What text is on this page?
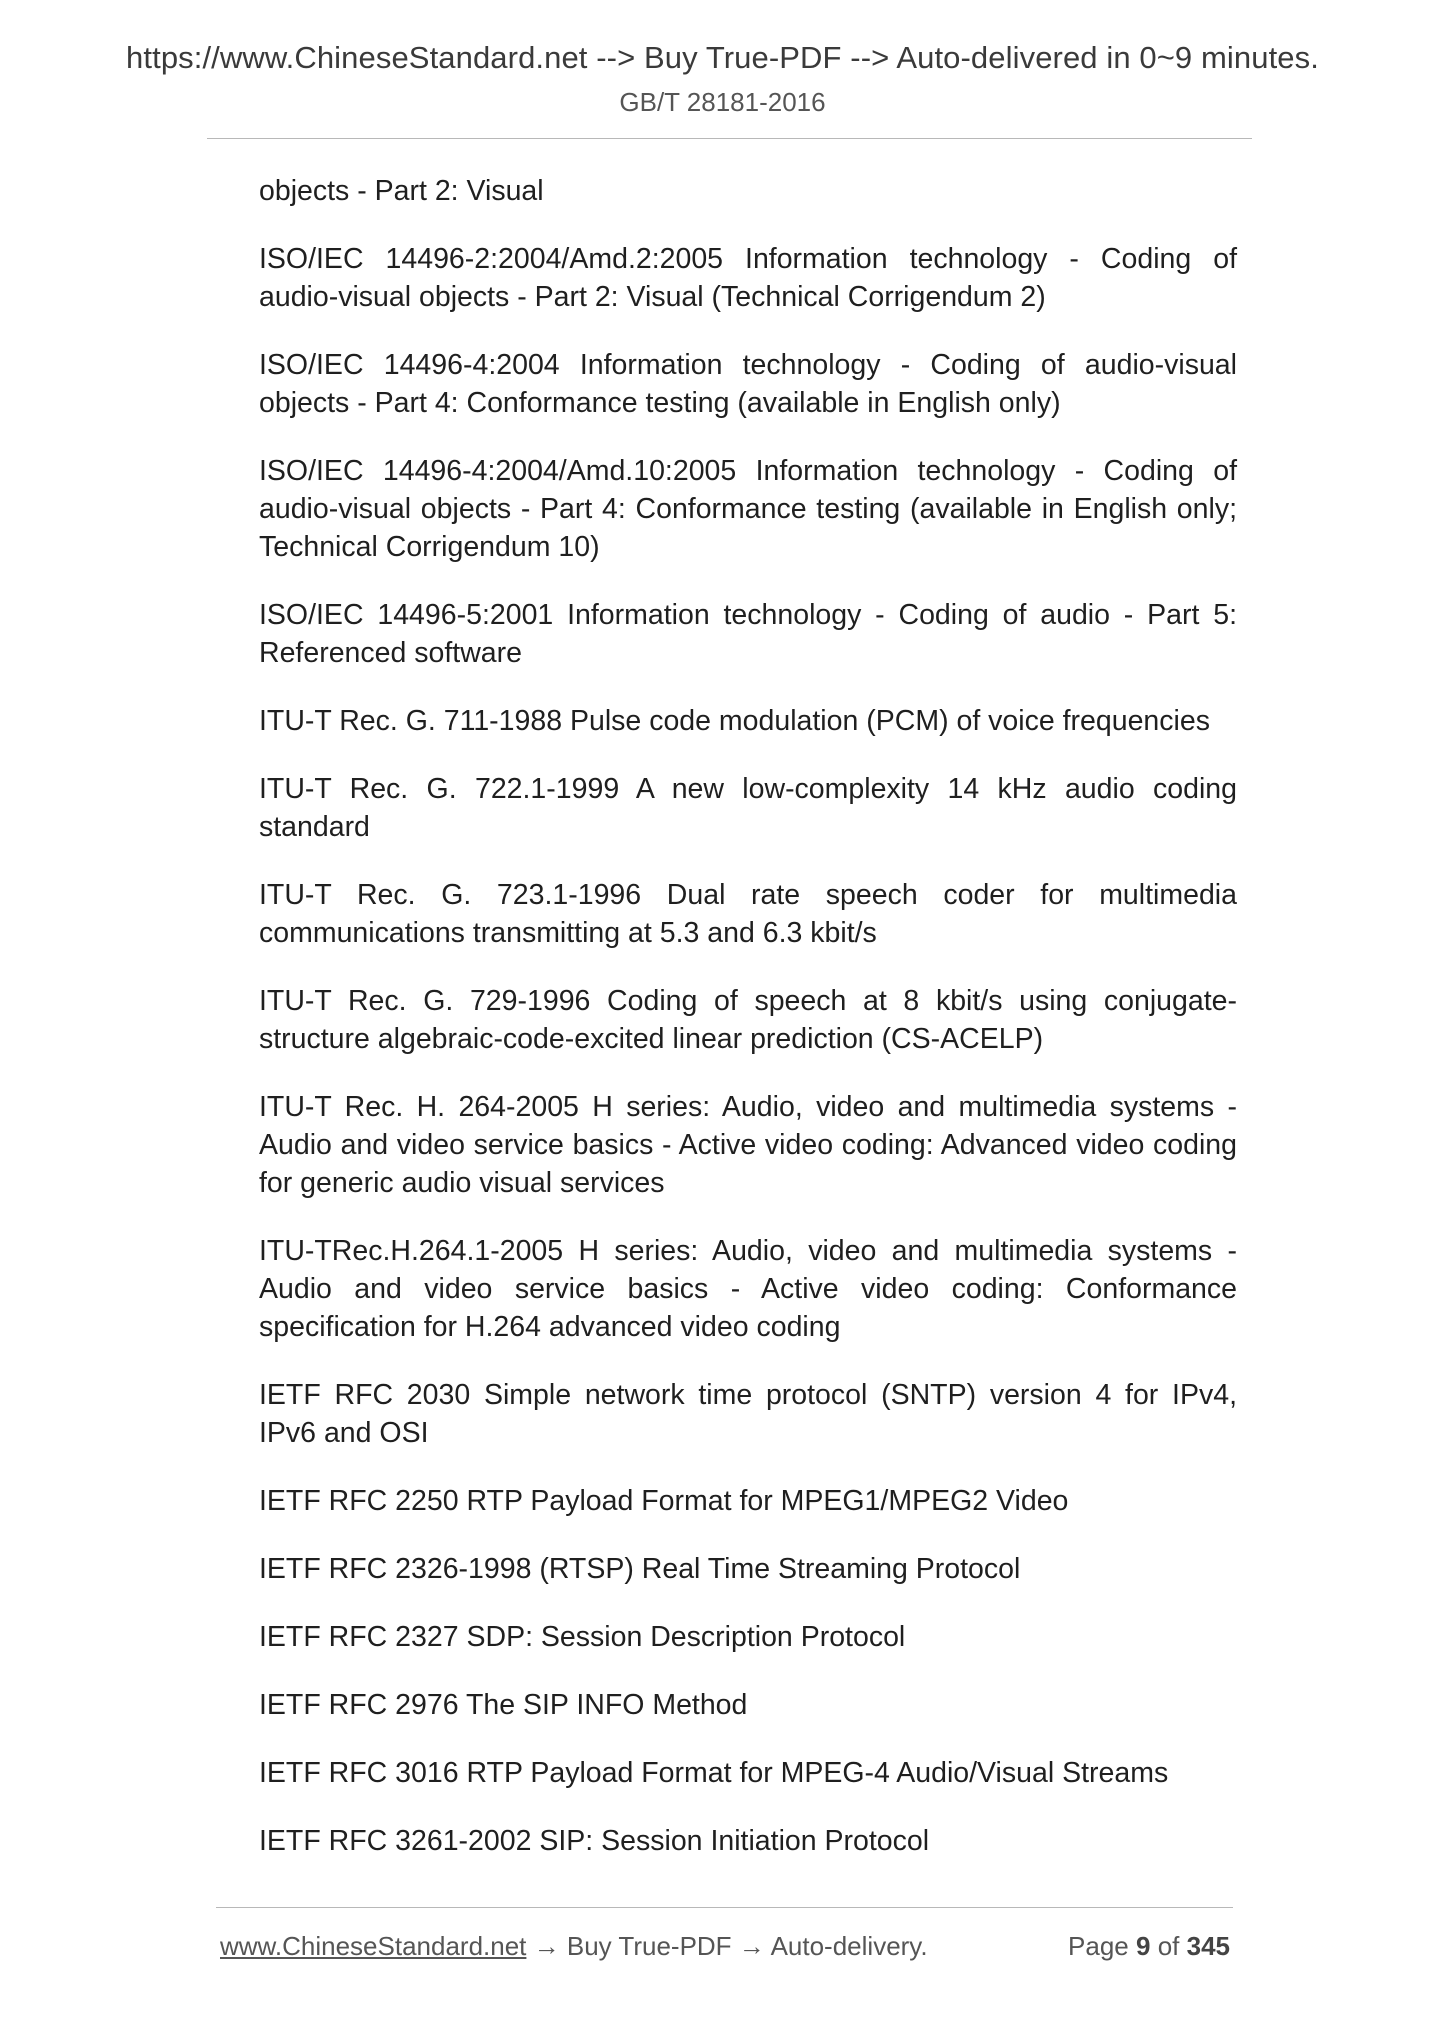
https://www.ChineseStandard.net --> Buy True-PDF --> Auto-delivered in 0~9 minutes.
GB/T 28181-2016

objects - Part 2: Visual

ISO/IEC 14496-2:2004/Amd.2:2005 Information technology - Coding of audio-visual objects - Part 2: Visual (Technical Corrigendum 2)

ISO/IEC 14496-4:2004 Information technology - Coding of audio-visual objects - Part 4: Conformance testing (available in English only)

ISO/IEC 14496-4:2004/Amd.10:2005 Information technology - Coding of audio-visual objects - Part 4: Conformance testing (available in English only; Technical Corrigendum 10)

ISO/IEC 14496-5:2001 Information technology - Coding of audio - Part 5: Referenced software

ITU-T Rec. G. 711-1988 Pulse code modulation (PCM) of voice frequencies

ITU-T Rec. G. 722.1-1999 A new low-complexity 14 kHz audio coding standard

ITU-T Rec. G. 723.1-1996 Dual rate speech coder for multimedia communications transmitting at 5.3 and 6.3 kbit/s

ITU-T Rec. G. 729-1996 Coding of speech at 8 kbit/s using conjugate-structure algebraic-code-excited linear prediction (CS-ACELP)

ITU-T Rec. H. 264-2005 H series: Audio, video and multimedia systems - Audio and video service basics - Active video coding: Advanced video coding for generic audio visual services

ITU-TRec.H.264.1-2005 H series: Audio, video and multimedia systems - Audio and video service basics - Active video coding: Conformance specification for H.264 advanced video coding

IETF RFC 2030 Simple network time protocol (SNTP) version 4 for IPv4, IPv6 and OSI

IETF RFC 2250 RTP Payload Format for MPEG1/MPEG2 Video

IETF RFC 2326-1998 (RTSP) Real Time Streaming Protocol

IETF RFC 2327 SDP: Session Description Protocol

IETF RFC 2976 The SIP INFO Method

IETF RFC 3016 RTP Payload Format for MPEG-4 Audio/Visual Streams

IETF RFC 3261-2002 SIP: Session Initiation Protocol

www.ChineseStandard.net → Buy True-PDF → Auto-delivery.	Page 9 of 345
